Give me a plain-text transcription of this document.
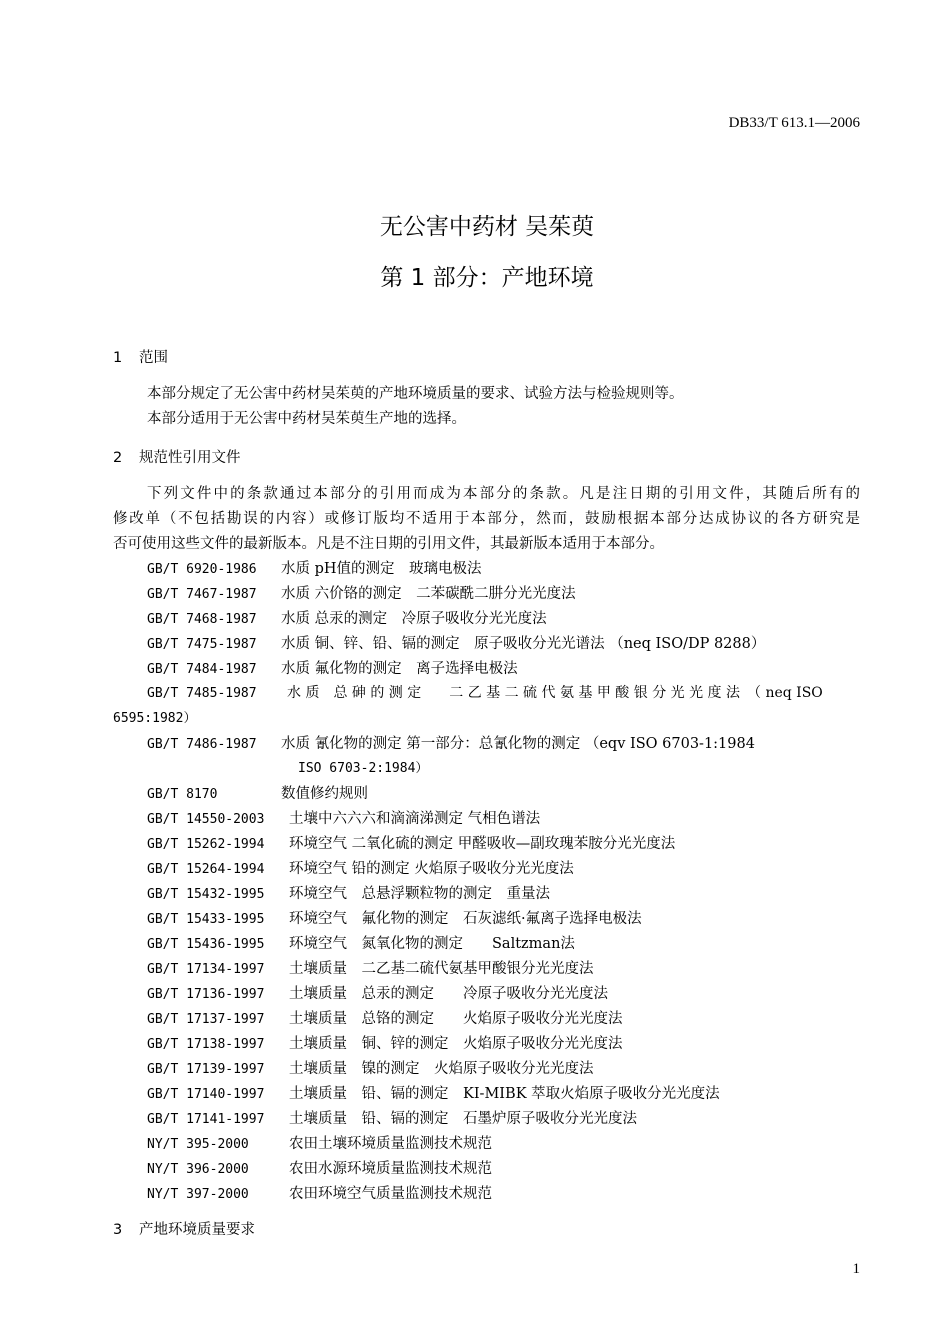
DB33/T 613.1—2006
无公害中药材 吴茱萸
第 1 部分：产地环境
1 范围
本部分规定了无公害中药材吴茱萸的产地环境质量的要求、试验方法与检验规则等。
本部分适用于无公害中药材吴茱萸生产地的选择。
2 规范性引用文件
下列文件中的条款通过本部分的引用而成为本部分的条款。凡是注日期的引用文件，其随后所有的
修改单（不包括勘误的内容）或修订版均不适用于本部分，然而，鼓励根据本部分达成协议的各方研究是
否可使用这些文件的最新版本。凡是不注日期的引用文件，其最新版本适用于本部分。
GB/T 6920-1986 水质 pH值的测定　玻璃电极法
GB/T 7467-1987 水质 六价铬的测定　二苯碳酰二肼分光光度法
GB/T 7468-1987 水质 总汞的测定　冷原子吸收分光光度法
GB/T 7475-1987 水质 铜、锌、铅、镉的测定　原子吸收分光光谱法 （neq ISO/DP 8288）
GB/T 7484-1987 水质 氟化物的测定　离子选择电极法
GB/T 7485-1987 水 质　总 砷 的 测 定　　二 乙 基 二 硫 代 氨 基 甲 酸 银 分 光 光 度 法　（ neq ISO
6595:1982）
GB/T 7486-1987 水质 氰化物的测定 第一部分：总氰化物的测定 （eqv ISO 6703-1:1984
ISO 6703-2:1984）
GB/T 8170	数值修约规则
GB/T 14550-2003 土壤中六六六和滴滴涕测定 气相色谱法
GB/T 15262-1994 环境空气 二氧化硫的测定 甲醛吸收—副玫瑰苯胺分光光度法
GB/T 15264-1994 环境空气 铅的测定 火焰原子吸收分光光度法
GB/T 15432-1995 环境空气　总悬浮颗粒物的测定　重量法
GB/T 15433-1995 环境空气　氟化物的测定　石灰滤纸·氟离子选择电极法
GB/T 15436-1995 环境空气　氮氧化物的测定　　Saltzman法
GB/T 17134-1997 土壤质量　二乙基二硫代氨基甲酸银分光光度法
GB/T 17136-1997 土壤质量　总汞的测定　　冷原子吸收分光光度法
GB/T 17137-1997 土壤质量　总铬的测定　　火焰原子吸收分光光度法
GB/T 17138-1997 土壤质量　铜、锌的测定　火焰原子吸收分光光度法
GB/T 17139-1997 土壤质量　镍的测定　火焰原子吸收分光光度法
GB/T 17140-1997 土壤质量　铅、镉的测定　KI-MIBK 萃取火焰原子吸收分光光度法
GB/T 17141-1997 土壤质量　铅、镉的测定　石墨炉原子吸收分光光度法
NY/T 395-2000	农田土壤环境质量监测技术规范
NY/T 396-2000	农田水源环境质量监测技术规范
NY/T 397-2000	农田环境空气质量监测技术规范
3 产地环境质量要求
1
